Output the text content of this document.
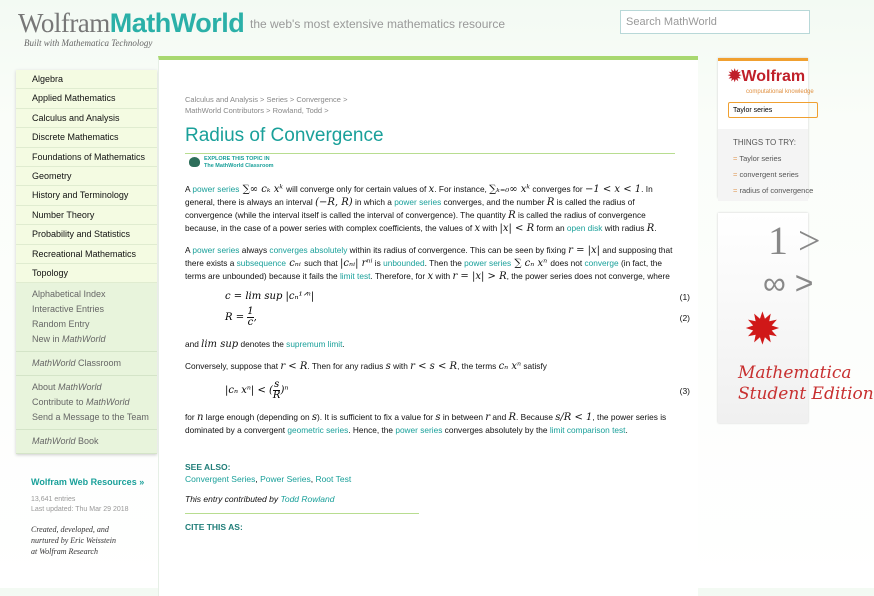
WolframMathWorld
Built with Mathematica Technology
the web's most extensive mathematics resource	Search MathWorld
Algebra
Applied Mathematics
Calculus and Analysis
Discrete Mathematics
Foundations of Mathematics
Geometry
History and Terminology
Number Theory
Probability and Statistics
Recreational Mathematics
Topology
Alphabetical Index
Interactive Entries
Random Entry
New in MathWorld
MathWorld Classroom
About MathWorld
Contribute to MathWorld
Send a Message to the Team
MathWorld Book
Wolfram Web Resources »
13,641 entries
Last updated: Thu Mar 29 2018
Created, developed, and
nurtured by Eric Weisstein
at Wolfram Research
Calculus and Analysis > Series > Convergence >
MathWorld Contributors > Rowland, Todd >
Radius of Convergence
EXPLORE THIS TOPIC IN
The MathWorld Classroom
A power series ∑∞ cₖ xᵏ will converge only for certain values of x. For instance, ∑ₖ₌₀∞ xᵏ converges for −1 < x < 1. In general, there is always an interval (−R, R) in which a power series converges, and the number R is called the radius of convergence (while the interval itself is called the interval of convergence). The quantity R is called the radius of convergence because, in the case of a power series with complex coefficients, the values of x with |x| < R form an open disk with radius R.
A power series always converges absolutely within its radius of convergence. This can be seen by fixing r = |x| and supposing that there exists a subsequence cₙᵢ such that |cₙᵢ| rⁿⁱ is unbounded. Then the power series ∑ cₙ xⁿ does not converge (in fact, the terms are unbounded) because it fails the limit test. Therefore, for x with r = |x| > R, the power series does not converge, where
c = lim sup |cₙ¹ᐟⁿ|	(1)
$R = \frac{1}{c}$ ,	(2)
and lim sup denotes the supremum limit.
Conversely, suppose that r < R. Then for any radius s with r < s < R, the terms cₙ xⁿ satisfy
|cₙ xⁿ| < ( $\frac{s}{R} )^n$	(3)
for n large enough (depending on s). It is sufficient to fix a value for s in between r and R. Because s/R < 1, the power series is dominated by a convergent geometric series. Hence, the power series converges absolutely by the limit comparison test.
SEE ALSO:
Convergent Series, Power Series, Root Test
This entry contributed by Todd Rowland
CITE THIS AS:
✹Wolfram
computational knowledge
Taylor series
THINGS TO TRY:
= Taylor series
= convergent series
= radius of convergence
1 >
∞ >
✹
Mathematica
Student Edition
